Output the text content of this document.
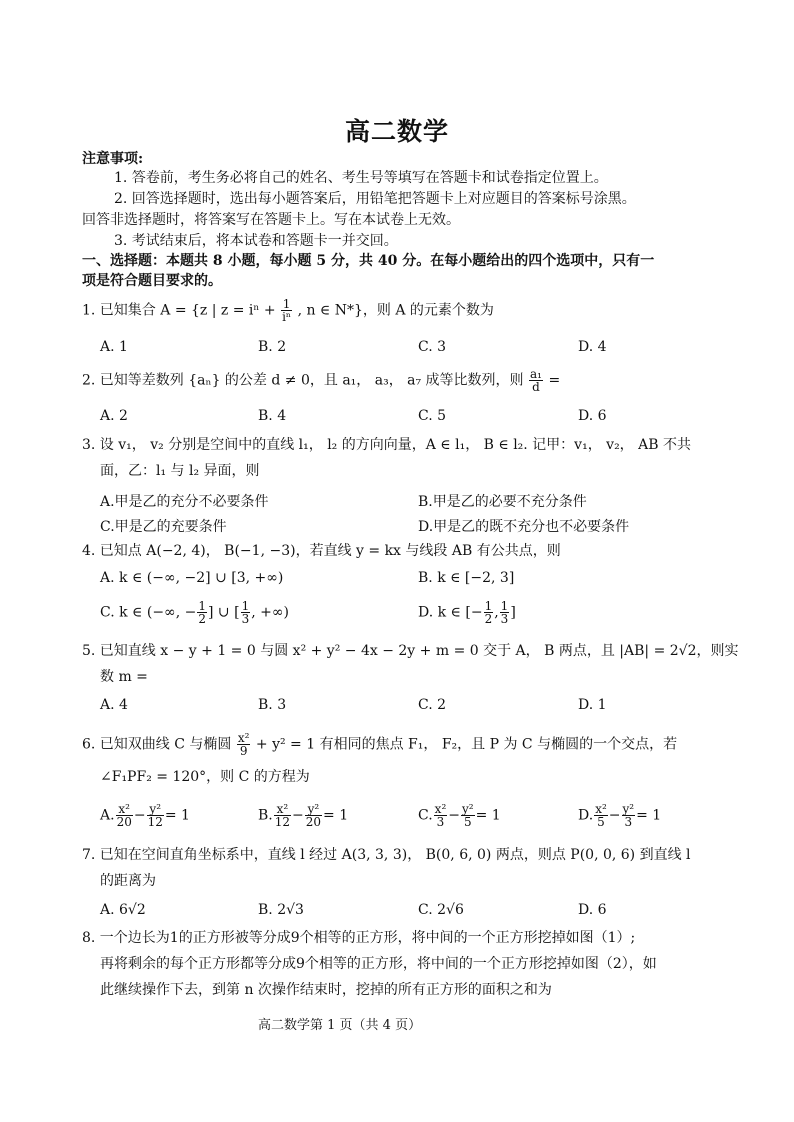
高二数学
注意事项:
1. 答卷前，考生务必将自己的姓名、考生号等填写在答题卡和试卷指定位置上。
2. 回答选择题时，选出每小题答案后，用铅笔把答题卡上对应题目的答案标号涂黑。
回答非选择题时，将答案写在答题卡上。写在本试卷上无效。
3. 考试结束后，将本试卷和答题卡一并交回。
一、选择题：本题共 8 小题，每小题 5 分，共 40 分。在每小题给出的四个选项中，只有一
项是符合题目要求的。
1. 已知集合 A = {z | $z = i^n + \frac{1}{\text{iⁿ}}$ , n ∈ N*}，则 A 的元素个数为
A. 1	B. 2	C. 3	D. 4
2. 已知等差数列 {aₙ} 的公差 d ≠ 0，且 a₁， a₃， a₇ 成等比数列，则 $\frac{\text{a₁}}{d}$ =
A. 2	B. 4	C. 5	D. 6
3. 设 v₁， v₂ 分别是空间中的直线 l₁， l₂ 的方向向量，A ∈ l₁， B ∈ l₂. 记甲：v₁， v₂， AB 不共
面，乙：l₁ 与 l₂ 异面，则
A.甲是乙的充分不必要条件	B.甲是乙的必要不充分条件
C.甲是乙的充要条件	D.甲是乙的既不充分也不必要条件
4. 已知点 A(−2, 4)， B(−1, −3)，若直线 y = kx 与线段 AB 有公共点，则
A. k ∈ (−∞, −2] ∪ [3, +∞)	B. k ∈ [−2, 3]
C. k ∈ (−∞, − $\frac{1}{2}$ ] ∪ [ $\frac{1}{3}$ , +∞)	D. k ∈ [− $\frac{1}{2}$ , $\frac{1}{3}$ ]
5. 已知直线 x − y + 1 = 0 与圆 x² + y² − 4x − 2y + m = 0 交于 A， B 两点，且 |AB| = 2√2，则实
数 m =
A. 4	B. 3	C. 2	D. 1
6. 已知双曲线 C 与椭圆 $\frac{\text{x²}}{9} + y^2 = 1$ 有相同的焦点 F₁， F₂，且 P 为 C 与椭圆的一个交点，若
∠F₁PF₂ = 120°，则 C 的方程为
A. $\frac{\text{x²}}{20} - \frac{\text{y²}}{12} = 1$	B. $\frac{\text{x²}}{12} - \frac{\text{y²}}{20} = 1$	C. $\frac{\text{x²}}{3} - \frac{\text{y²}}{5} = 1$	D. $\frac{\text{x²}}{5} - \frac{\text{y²}}{3} = 1$
7. 已知在空间直角坐标系中，直线 l 经过 A(3, 3, 3)， B(0, 6, 0) 两点，则点 P(0, 0, 6) 到直线 l
的距离为
A. 6√2	B. 2√3	C. 2√6	D. 6
8. 一个边长为1的正方形被等分成9个相等的正方形，将中间的一个正方形挖掉如图（1）;
再将剩余的每个正方形都等分成9个相等的正方形，将中间的一个正方形挖掉如图（2），如
此继续操作下去，到第 n 次操作结束时，挖掉的所有正方形的面积之和为
高二数学第 1 页（共 4 页）
